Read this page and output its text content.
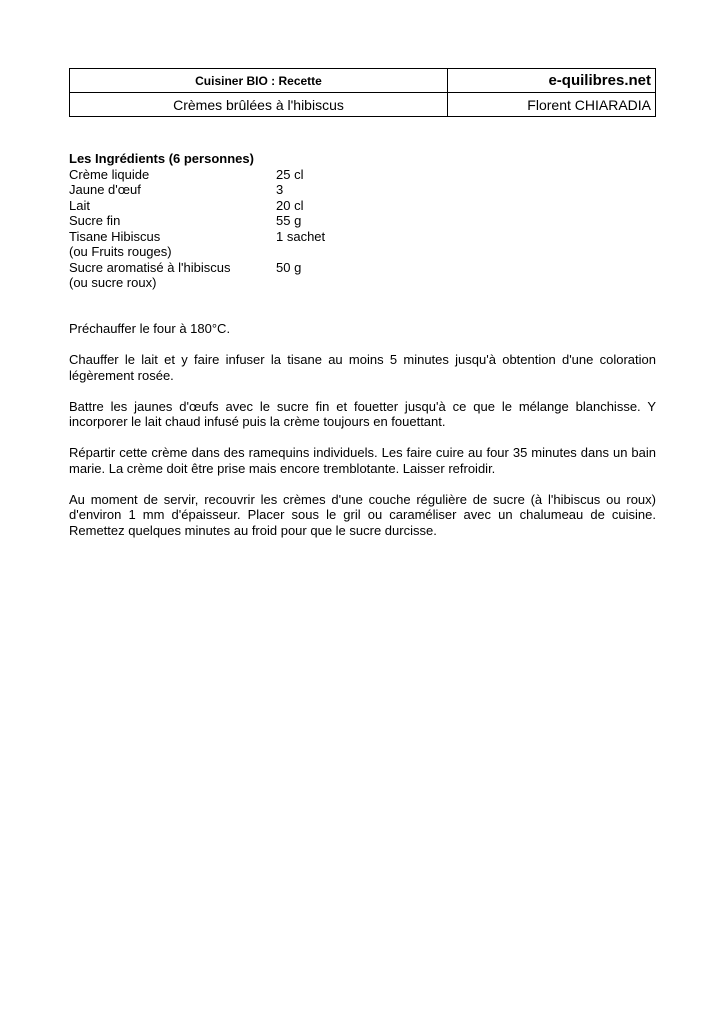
Cuisiner BIO : Recette	e-quilibres.net
Crèmes brûlées à l'hibiscus	Florent CHIARADIA
Les Ingrédients (6 personnes)
Crème liquide	25 cl
Jaune d'œuf	3
Lait	20 cl
Sucre fin	55 g
Tisane Hibiscus	1 sachet
(ou Fruits rouges)
Sucre aromatisé à l'hibiscus	50 g
(ou sucre roux)

Préchauffer le four à 180°C.

Chauffer le lait et y faire infuser la tisane au moins 5 minutes jusqu'à obtention d'une coloration légèrement rosée.

Battre les jaunes d'œufs avec le sucre fin et fouetter jusqu'à ce que le mélange blanchisse. Y incorporer le lait chaud infusé puis la crème toujours en fouettant.

Répartir cette crème dans des ramequins individuels. Les faire cuire au four 35 minutes dans un bain marie. La crème doit être prise mais encore tremblotante. Laisser refroidir.

Au moment de servir, recouvrir les crèmes d'une couche régulière de sucre (à l'hibiscus ou roux) d'environ 1 mm d'épaisseur. Placer sous le gril ou caraméliser avec un chalumeau de cuisine. Remettez quelques minutes au froid pour que le sucre durcisse.
